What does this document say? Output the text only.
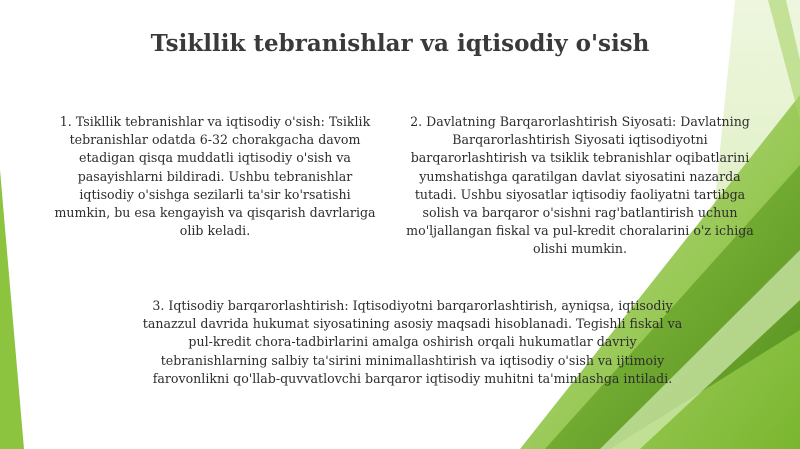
Tsikllik tebranishlar va iqtisodiy o'sish

1. Tsikllik tebranishlar va iqtisodiy o'sish: Tsiklik tebranishlar odatda 6-32 chorakgacha davom etadigan qisqa muddatli iqtisodiy o'sish va pasayishlarni bildiradi. Ushbu tebranishlar iqtisodiy o'sishga sezilarli ta'sir ko'rsatishi mumkin, bu esa kengayish va qisqarish davrlariga olib keladi.

2. Davlatning Barqarorlashtirish Siyosati: Davlatning Barqarorlashtirish Siyosati iqtisodiyotni barqarorlashtirish va tsiklik tebranishlar oqibatlarini yumshatishga qaratilgan davlat siyosatini nazarda tutadi. Ushbu siyosatlar iqtisodiy faoliyatni tartibga solish va barqaror o'sishni rag'batlantirish uchun mo'ljallangan fiskal va pul-kredit choralarini o'z ichiga olishi mumkin.

3. Iqtisodiy barqarorlashtirish: Iqtisodiyotni barqarorlashtirish, ayniqsa, iqtisodiy tanazzul davrida hukumat siyosatining asosiy maqsadi hisoblanadi. Tegishli fiskal va pul-kredit chora-tadbirlarini amalga oshirish orqali hukumatlar davriy tebranishlarning salbiy ta'sirini minimallashtirish va iqtisodiy o'sish va ijtimoiy farovonlikni qo'llab-quvvatlovchi barqaror iqtisodiy muhitni ta'minlashga intiladi.
